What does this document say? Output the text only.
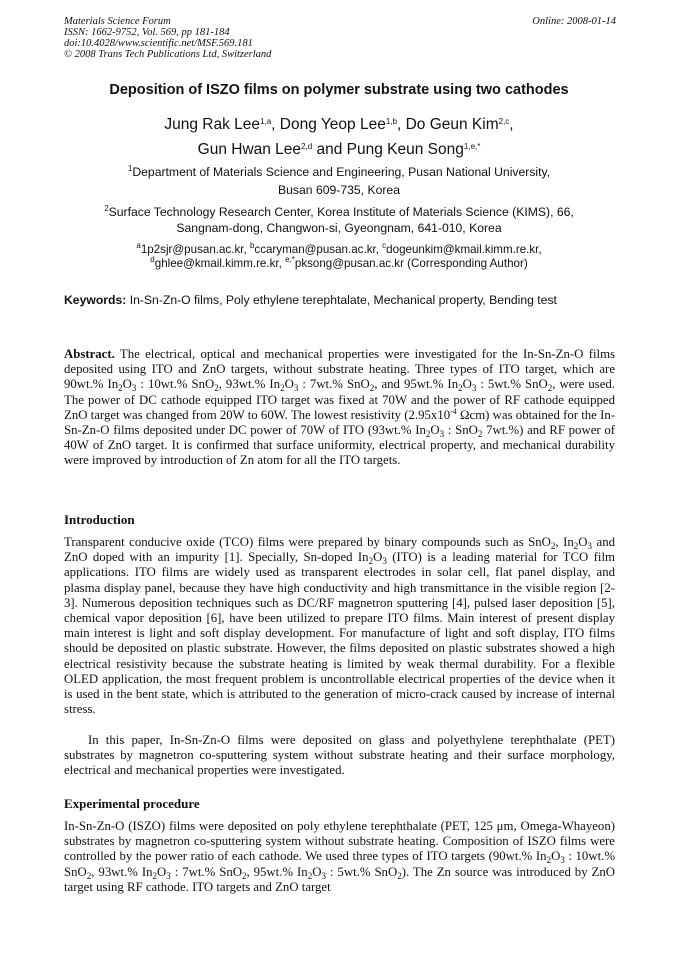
Materials Science Forum
ISSN: 1662-9752, Vol. 569, pp 181-184
doi:10.4028/www.scientific.net/MSF.569.181
© 2008 Trans Tech Publications Ltd, Switzerland
Online: 2008-01-14
Deposition of ISZO films on polymer substrate using two cathodes
Jung Rak Lee$^{1,a}$, Dong Yeop Lee$^{1,b}$, Do Geun Kim$^{2,c}$,
Gun Hwan Lee$^{2,d}$ and Pung Keun Song$^{1,e,*}$
$^1$Department of Materials Science and Engineering, Pusan National University,
Busan 609-735, Korea
$^2$Surface Technology Research Center, Korea Institute of Materials Science (KIMS), 66,
Sangnam-dong, Changwon-si, Gyeongnam, 641-010, Korea
$^a$1p2sjr@pusan.ac.kr, $^b$ccaryman@pusan.ac.kr, $^c$dogeunkim@kmail.kimm.re.kr,
$^d$ghlee@kmail.kimm.re.kr, $^{e,*}$pksong@pusan.ac.kr (Corresponding Author)
Keywords: In-Sn-Zn-O films, Poly ethylene terephtalate, Mechanical property, Bending test
Abstract. The electrical, optical and mechanical properties were investigated for the In-Sn-Zn-O films deposited using ITO and ZnO targets, without substrate heating. Three types of ITO target, which are 90wt.% $In_2O_3$ : 10wt.% SnO$_2$, 93wt.% $In_2O_3$ : 7wt.% SnO$_2$, and 95wt.% $In_2O_3$ : 5wt.% SnO$_2$, were used. The power of DC cathode equipped ITO target was fixed at 70W and the power of RF cathode equipped ZnO target was changed from 20W to 60W. The lowest resistivity ($2.95x10^{-4}$ Ωcm) was obtained for the In-Sn-Zn-O films deposited under DC power of 70W of ITO (93wt.% $In_2O_3$ : SnO$_2$ 7wt.%) and RF power of 40W of ZnO target. It is confirmed that surface uniformity, electrical property, and mechanical durability were improved by introduction of Zn atom for all the ITO targets.
Introduction
Transparent conducive oxide (TCO) films were prepared by binary compounds such as SnO$_2$, $In_2O_3$ and ZnO doped with an impurity [1]. Specially, Sn-doped $In_2O_3$ (ITO) is a leading material for TCO film applications. ITO films are widely used as transparent electrodes in solar cell, flat panel display, and plasma display panel, because they have high conductivity and high transmittance in the visible region [2-3]. Numerous deposition techniques such as DC/RF magnetron sputtering [4], pulsed laser deposition [5], chemical vapor deposition [6], have been utilized to prepare ITO films. Main interest of present display main interest is light and soft display development. For manufacture of light and soft display, ITO films should be deposited on plastic substrate. However, the films deposited on plastic substrates showed a high electrical resistivity because the substrate heating is limited by weak thermal durability. For a flexible OLED application, the most frequent problem is uncontrollable electrical properties of the device when it is used in the bent state, which is attributed to the generation of micro-crack caused by increase of internal stress.
In this paper, In-Sn-Zn-O films were deposited on glass and polyethylene terephthalate (PET) substrates by magnetron co-sputtering system without substrate heating and their surface morphology, electrical and mechanical properties were investigated.
Experimental procedure
In-Sn-Zn-O (ISZO) films were deposited on poly ethylene terephthalate (PET, 125 μm, Omega-Whayeon) substrates by magnetron co-sputtering system without substrate heating. Composition of ISZO films were controlled by the power ratio of each cathode. We used three types of ITO targets (90wt.% $In_2O_3$ : 10wt.% SnO$_2$, 93wt.% $In_2O_3$ : 7wt.% SnO$_2$, 95wt.% $In_2O_3$ : 5wt.% SnO$_2$). The Zn source was introduced by ZnO target using RF cathode. ITO targets and ZnO target
